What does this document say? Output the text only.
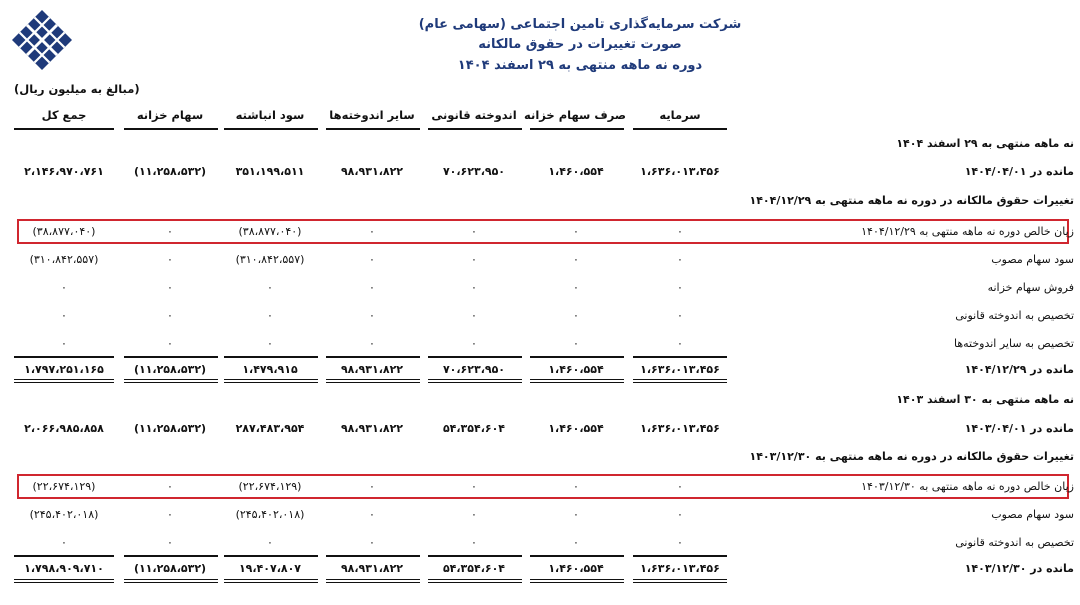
شرکت سرمایه‌گذاری تامین اجتماعی (سهامی عام)
صورت تغییرات در حقوق مالکانه
دوره نه ماهه منتهی به ۲۹ اسفند ۱۴۰۴
(مبالغ به میلیون ریال)
سرمایه
صرف سهام خزانه
اندوخته قانونی
سایر اندوخته‌ها
سود انباشته
سهام خزانه
جمع کل
نه ماهه منتهی به ۲۹ اسفند ۱۴۰۴
مانده در ۱۴۰۴/۰۴/۰۱
تغییرات حقوق مالکانه در دوره نه ماهه منتهی به ۱۴۰۴/۱۲/۲۹
زیان خالص دوره نه ماهه منتهی به ۱۴۰۴/۱۲/۲۹
سود سهام مصوب
فروش سهام خزانه
تخصیص به اندوخته قانونی
تخصیص به سایر اندوخته‌ها
مانده در ۱۴۰۴/۱۲/۲۹
نه ماهه منتهی به ۳۰ اسفند ۱۴۰۳
مانده در ۱۴۰۳/۰۴/۰۱
تغییرات حقوق مالکانه در دوره نه ماهه منتهی به ۱۴۰۳/۱۲/۳۰
زیان خالص دوره نه ماهه منتهی به ۱۴۰۳/۱۲/۳۰
سود سهام مصوب
تخصیص به اندوخته قانونی
مانده در ۱۴۰۳/۱۲/۳۰
۱،۶۳۶،۰۱۳،۴۵۶
۱،۴۶۰،۵۵۴
۷۰،۶۲۳،۹۵۰
۹۸،۹۳۱،۸۲۲
۳۵۱،۱۹۹،۵۱۱
(۱۱،۲۵۸،۵۳۲)
۲،۱۴۶،۹۷۰،۷۶۱
۰
۰
۰
۰
(۳۸،۸۷۷،۰۴۰)
۰
(۳۸،۸۷۷،۰۴۰)
۰
۰
۰
۰
(۳۱۰،۸۴۲،۵۵۷)
۰
(۳۱۰،۸۴۲،۵۵۷)
۰
۰
۰
۰
۰
۰
۰
۰
۰
۰
۰
۰
۰
۰
۰
۰
۰
۰
۰
۰
۰
۱،۶۳۶،۰۱۳،۴۵۶
۱،۴۶۰،۵۵۴
۷۰،۶۲۳،۹۵۰
۹۸،۹۳۱،۸۲۲
۱،۴۷۹،۹۱۵
(۱۱،۲۵۸،۵۳۲)
۱،۷۹۷،۲۵۱،۱۶۵
۱،۶۳۶،۰۱۳،۴۵۶
۱،۴۶۰،۵۵۴
۵۴،۳۵۴،۶۰۴
۹۸،۹۳۱،۸۲۲
۲۸۷،۴۸۳،۹۵۴
(۱۱،۲۵۸،۵۳۲)
۲،۰۶۶،۹۸۵،۸۵۸
۰
۰
۰
۰
(۲۲،۶۷۴،۱۲۹)
۰
(۲۲،۶۷۴،۱۲۹)
۰
۰
۰
۰
(۲۴۵،۴۰۲،۰۱۸)
۰
(۲۴۵،۴۰۲،۰۱۸)
۰
۰
۰
۰
۰
۰
۰
۱،۶۳۶،۰۱۳،۴۵۶
۱،۴۶۰،۵۵۴
۵۴،۳۵۴،۶۰۴
۹۸،۹۳۱،۸۲۲
۱۹،۴۰۷،۸۰۷
(۱۱،۲۵۸،۵۳۲)
۱،۷۹۸،۹۰۹،۷۱۰
